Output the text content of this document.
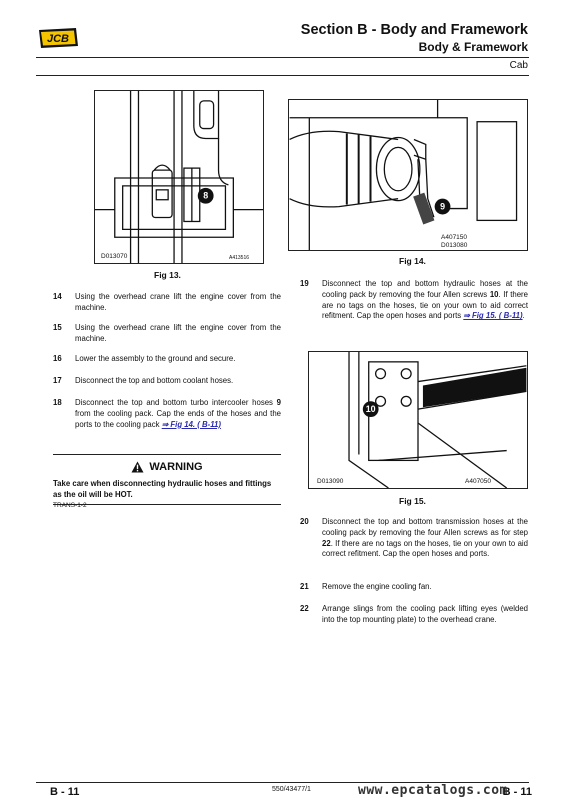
JCB
Section B - Body and Framework
Body & Framework
Cab
8
D013070	A413516
Fig 13.
14 Using the overhead crane lift the engine cover from the machine.
15 Using the overhead crane lift the engine cover from the machine.
16 Lower the assembly to the ground and secure.
17 Disconnect the top and bottom coolant hoses.
18 Disconnect the top and bottom turbo intercooler hoses 9 from the cooling pack. Cap the ends of the hoses and the ports to the cooling pack ⇒ Fig 14. ( B-11)
WARNING
Take care when disconnecting hydraulic hoses and fittings as the oil will be HOT.
TRANS-1-2
9
A407150
D013080
Fig 14.
19 Disconnect the top and bottom hydraulic hoses at the cooling pack by removing the four Allen screws 10. If there are no tags on the hoses, tie on your own to aid correct refitment. Cap the open hoses and ports ⇒ Fig 15. ( B-11).
10
D013090	A407050
Fig 15.
20 Disconnect the top and bottom transmission hoses at the cooling pack by removing the four Allen screws as for step 22. If there are no tags on the hoses, tie on your own to aid correct refitment. Cap the open hoses and ports.
21 Remove the engine cooling fan.
22 Arrange slings from the cooling pack lifting eyes (welded into the top mounting plate) to the overhead crane.
B - 11	550/43477/1	B - 11
www.epcatalogs.com
